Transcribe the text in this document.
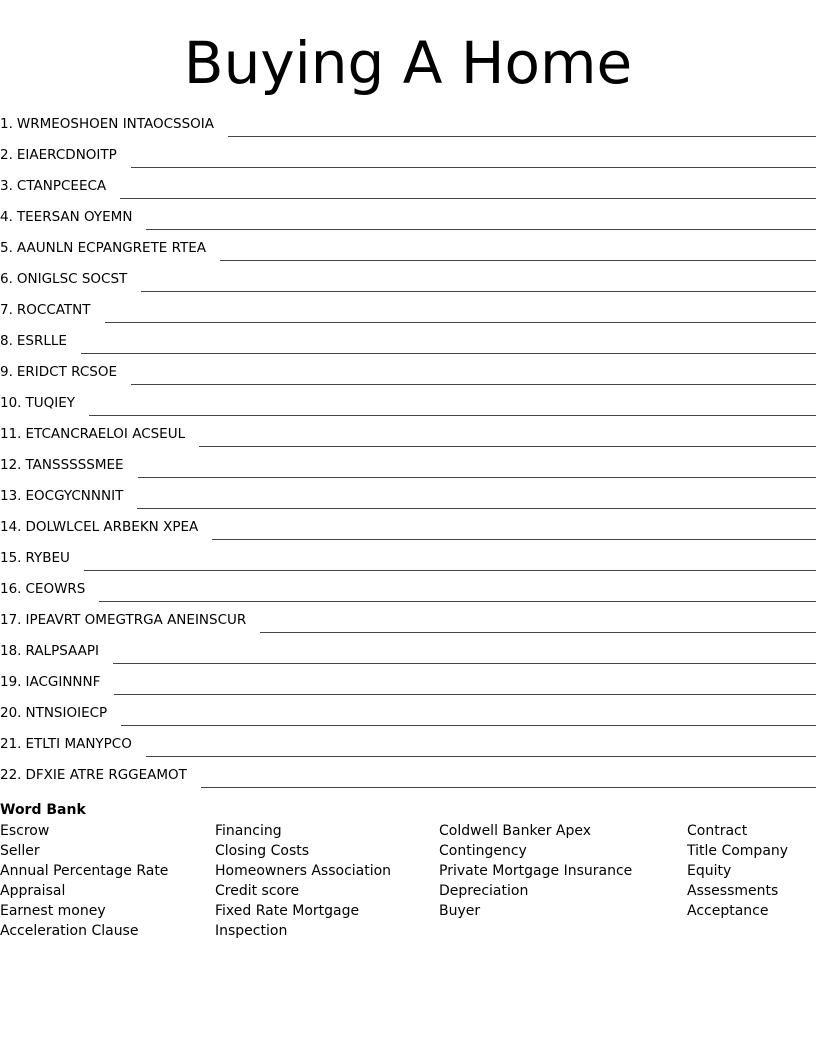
Buying A Home
1. WRMEOSHOEN INTAOCSSOIA
2. EIAERCDNOITP
3. CTANPCEECA
4. TEERSAN OYEMN
5. AAUNLN ECPANGRETE RTEA
6. ONIGLSC SOCST
7. ROCCATNT
8. ESRLLE
9. ERIDCT RCSOE
10. TUQIEY
11. ETCANCRAELOI ACSEUL
12. TANSSSSSMEE
13. EOCGYCNNNIT
14. DOLWLCEL ARBEKN XPEA
15. RYBEU
16. CEOWRS
17. IPEAVRT OMEGTRGA ANEINSCUR
18. RALPSAAPI
19. IACGINNNF
20. NTNSIOIECP
21. ETLTI MANYPCO
22. DFXIE ATRE RGGEAMOT
Word Bank
Escrow
Seller
Annual Percentage Rate
Appraisal
Earnest money
Acceleration Clause
Financing
Closing Costs
Homeowners Association
Credit score
Fixed Rate Mortgage
Inspection
Coldwell Banker Apex
Contingency
Private Mortgage Insurance
Depreciation
Buyer
Contract
Title Company
Equity
Assessments
Acceptance
